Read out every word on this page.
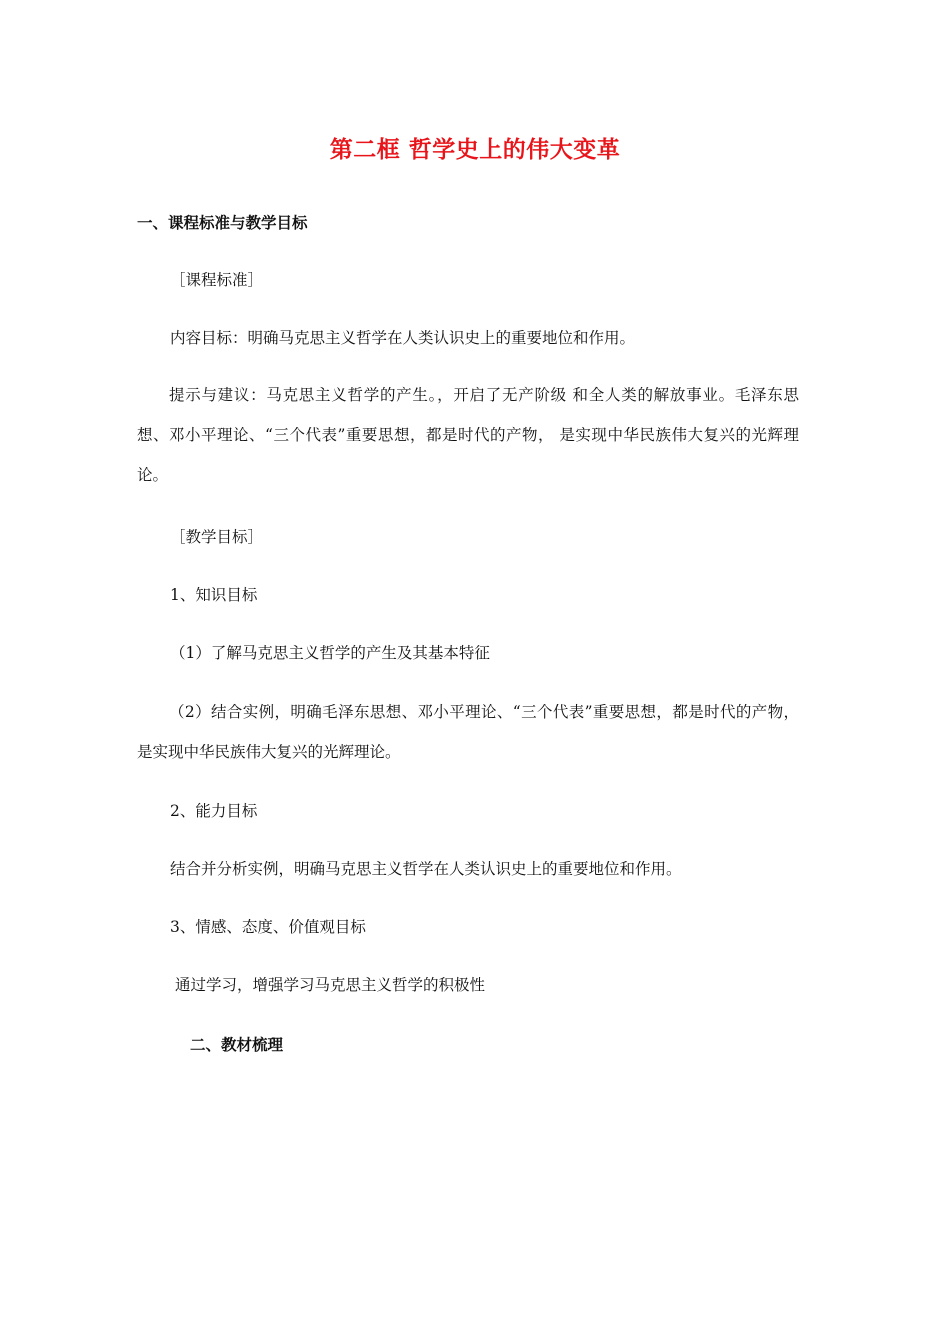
第二框 哲学史上的伟大变革
一、课程标准与教学目标
［课程标准］
内容目标：明确马克思主义哲学在人类认识史上的重要地位和作用。
提示与建议：马克思主义哲学的产生。，开启了无产阶级 和全人类的解放事业。毛泽东思想、邓小平理论、“三个代表”重要思想，都是时代的产物， 是实现中华民族伟大复兴的光辉理论。
［教学目标］
1、知识目标
（1）了解马克思主义哲学的产生及其基本特征
（2）结合实例，明确毛泽东思想、邓小平理论、“三个代表”重要思想，都是时代的产物，是实现中华民族伟大复兴的光辉理论。
2、能力目标
结合并分析实例，明确马克思主义哲学在人类认识史上的重要地位和作用。
3、情感、态度、价值观目标
通过学习，增强学习马克思主义哲学的积极性
二、教材梳理
